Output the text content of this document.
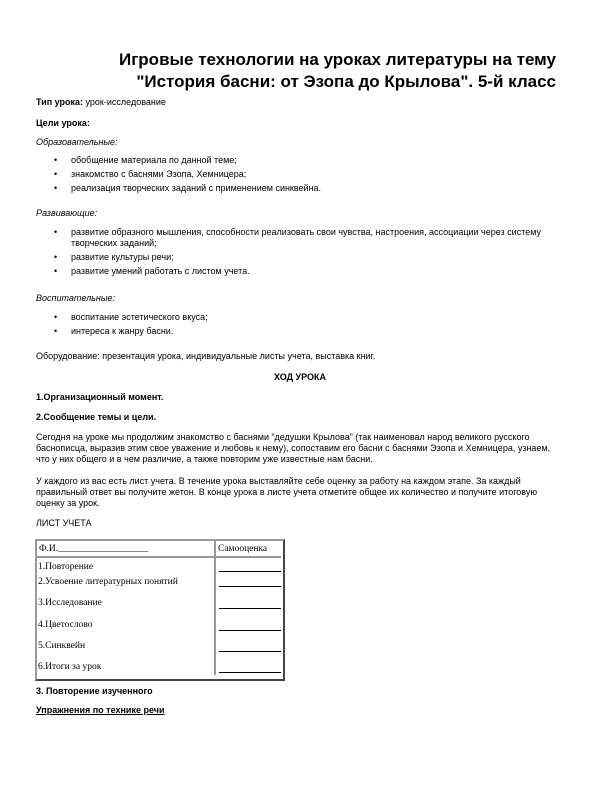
Игровые технологии на уроках литературы на тему
"История басни: от Эзопа до Крылова". 5-й класс
Тип урока: урок-исследование
Цели урока:
Образовательные:
• обобщение материала по данной теме;
• знакомство с баснями Эзопа, Хемницера;
• реализация творческих заданий с применением синквейна.
Развивающие:
• развитие образного мышления, способности реализовать свои чувства, настроения, ассоциации через систему творческих заданий;
• развитие культуры речи;
• развитие умений работать с листом учета.
Воспитательные:
• воспитание эстетического вкуса;
• интереса к жанру басни.
Оборудование: презентация урока, индивидуальные листы учета, выставка книг.
ХОД УРОКА
1.Организационный момент.
2.Сообщение темы и цели.
Сегодня на уроке мы продолжим знакомство с баснями “дедушки Крылова” (так наименовал народ великого русского баснописца, выразив этим свое уважение и любовь к нему), сопоставим его басни с баснями Эзопа и Хемницера, узнаем, что у них общего и в чем различие, а также повторим уже известные нам басни.
У каждого из вас есть лист учета. В течение урока выставляйте себе оценку за работу на каждом этапе. За каждый правильный ответ вы получите жетон. В конце урока в листе учета отметите общее их количество и получите итоговую оценку за урок.
ЛИСТ УЧЕТА
Ф.И.___________________	Самооценка
1.Повторение
2.Усвоение литературных понятий
3.Исследование
4.Цветослово
5.Синквейн
6.Итоги за урок
3. Повторение изученного
Упражнения по технике речи
